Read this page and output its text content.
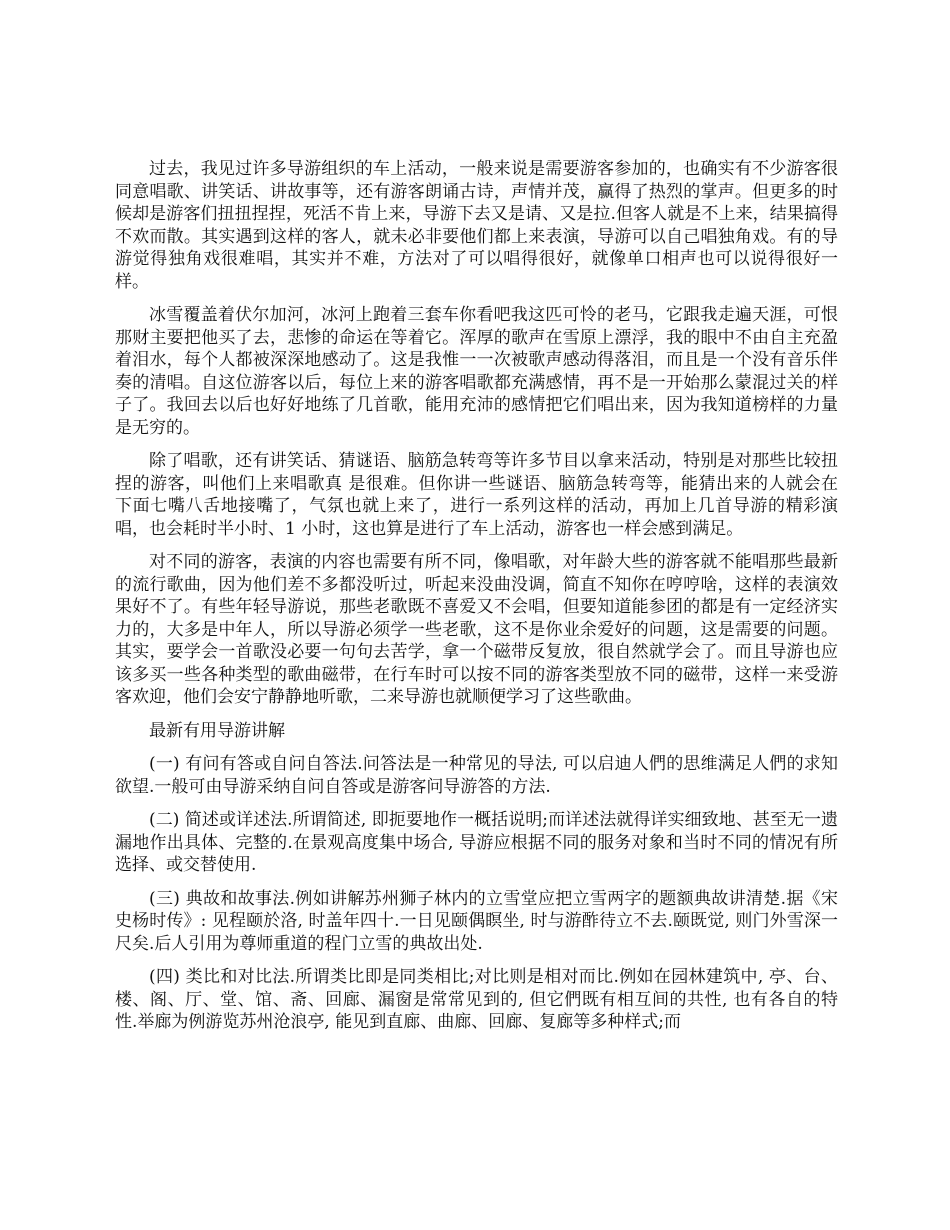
过去，我见过许多导游组织的车上活动，一般来说是需要游客参加的，也确实有不少游客很同意唱歌、讲笑话、讲故事等，还有游客朗诵古诗，声情并茂，赢得了热烈的掌声。但更多的时候却是游客们扭扭捏捏，死活不肯上来，导游下去又是请、又是拉.但客人就是不上来，结果搞得不欢而散。其实遇到这样的客人，就未必非要他们都上来表演，导游可以自己唱独角戏。有的导游觉得独角戏很难唱，其实并不难，方法对了可以唱得很好，就像单口相声也可以说得很好一样。

冰雪覆盖着伏尔加河，冰河上跑着三套车你看吧我这匹可怜的老马，它跟我走遍天涯，可恨那财主要把他买了去，悲惨的命运在等着它。浑厚的歌声在雪原上漂浮，我的眼中不由自主充盈着泪水，每个人都被深深地感动了。这是我惟一一次被歌声感动得落泪，而且是一个没有音乐伴奏的清唱。自这位游客以后，每位上来的游客唱歌都充满感情，再不是一开始那么蒙混过关的样子了。我回去以后也好好地练了几首歌，能用充沛的感情把它们唱出来，因为我知道榜样的力量是无穷的。

除了唱歌，还有讲笑话、猜谜语、脑筋急转弯等许多节目以拿来活动，特别是对那些比较扭捏的游客，叫他们上来唱歌真 是很难。但你讲一些谜语、脑筋急转弯等，能猜出来的人就会在 下面七嘴八舌地接嘴了，气氛也就上来了，进行一系列这样的活动，再加上几首导游的精彩演唱，也会耗时半小时、1 小时，这也算是进行了车上活动，游客也一样会感到满足。

对不同的游客，表演的内容也需要有所不同，像唱歌，对年龄大些的游客就不能唱那些最新的流行歌曲，因为他们差不多都没听过，听起来没曲没调，简直不知你在哼哼啥，这样的表演效果好不了。有些年轻导游说，那些老歌既不喜爱又不会唱，但要知道能参团的都是有一定经济实力的，大多是中年人，所以导游必须学一些老歌，这不是你业余爱好的问题，这是需要的问题。其实，要学会一首歌没必要一句句去苦学，拿一个磁带反复放，很自然就学会了。而且导游也应该多买一些各种类型的歌曲磁带，在行车时可以按不同的游客类型放不同的磁带，这样一来受游客欢迎，他们会安宁静静地听歌，二来导游也就顺便学习了这些歌曲。

最新有用导游讲解

(一) 有问有答或自问自答法.问答法是一种常见的导法, 可以启迪人們的思维满足人們的求知欲望.一般可由导游采纳自问自答或是游客问导游答的方法.

(二) 简述或详述法.所谓简述, 即扼要地作一概括说明;而详述法就得详实细致地、甚至无一遗漏地作出具体、完整的.在景观高度集中场合, 导游应根据不同的服务对象和当时不同的情况有所选择、或交替使用.

(三) 典故和故事法.例如讲解苏州狮子林内的立雪堂应把立雪两字的题额典故讲清楚.据《宋史杨时传》: 见程颐於洛, 时盖年四十.一日见颐偶瞑坐, 时与游酢待立不去.颐既觉, 则门外雪深一尺矣.后人引用为尊师重道的程门立雪的典故出处.

(四) 类比和对比法.所谓类比即是同类相比;对比则是相对而比.例如在园林建筑中, 亭、台、楼、阁、厅、堂、馆、斋、回廊、漏窗是常常见到的, 但它們既有相互间的共性, 也有各自的特性.举廊为例游览苏州沧浪亭, 能见到直廊、曲廊、回廊、复廊等多种样式;而
